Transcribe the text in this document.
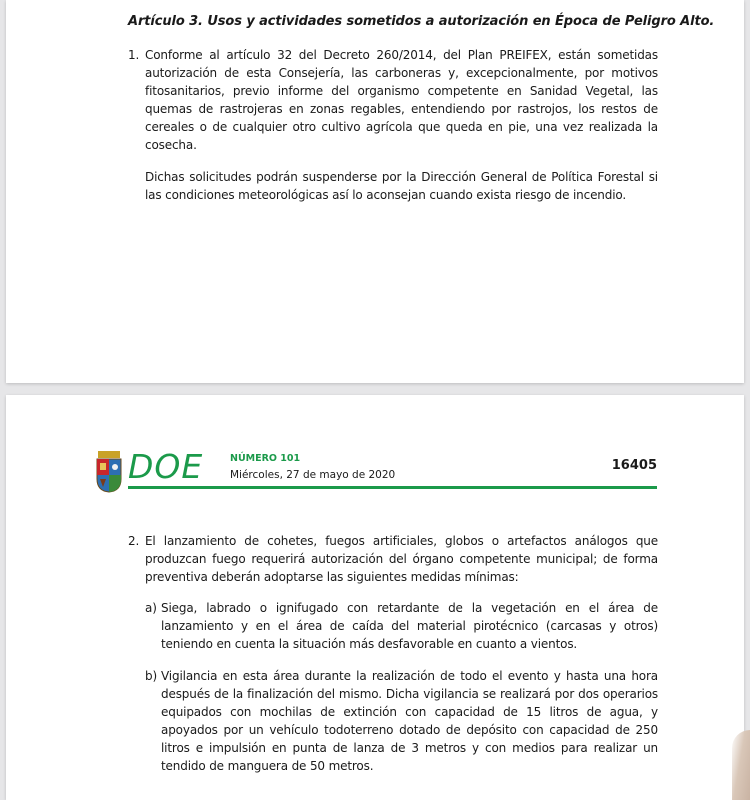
Artículo 3. Usos y actividades sometidos a autorización en Época de Peligro Alto.
1. Conforme al artículo 32 del Decreto 260/2014, del Plan PREIFEX, están sometidas autorización de esta Consejería, las carboneras y, excepcionalmente, por motivos fitosanitarios, previo informe del organismo competente en Sanidad Vegetal, las quemas de rastrojeras en zonas regables, entendiendo por rastrojos, los restos de cereales o de cualquier otro cultivo agrícola que queda en pie, una vez realizada la cosecha.
Dichas solicitudes podrán suspenderse por la Dirección General de Política Forestal si las condiciones meteorológicas así lo aconsejan cuando exista riesgo de incendio.
DOE	NÚMERO 101
Miércoles, 27 de mayo de 2020
16405
2. El lanzamiento de cohetes, fuegos artificiales, globos o artefactos análogos que produzcan fuego requerirá autorización del órgano competente municipal; de forma preventiva deberán adoptarse las siguientes medidas mínimas:
a) Siega, labrado o ignifugado con retardante de la vegetación en el área de lanzamiento y en el área de caída del material pirotécnico (carcasas y otros) teniendo en cuenta la situación más desfavorable en cuanto a vientos.
b) Vigilancia en esta área durante la realización de todo el evento y hasta una hora después de la finalización del mismo. Dicha vigilancia se realizará por dos operarios equipados con mochilas de extinción con capacidad de 15 litros de agua, y apoyados por un vehículo todoterreno dotado de depósito con capacidad de 250 litros e impulsión en punta de lanza de 3 metros y con medios para realizar un tendido de manguera de 50 metros.
